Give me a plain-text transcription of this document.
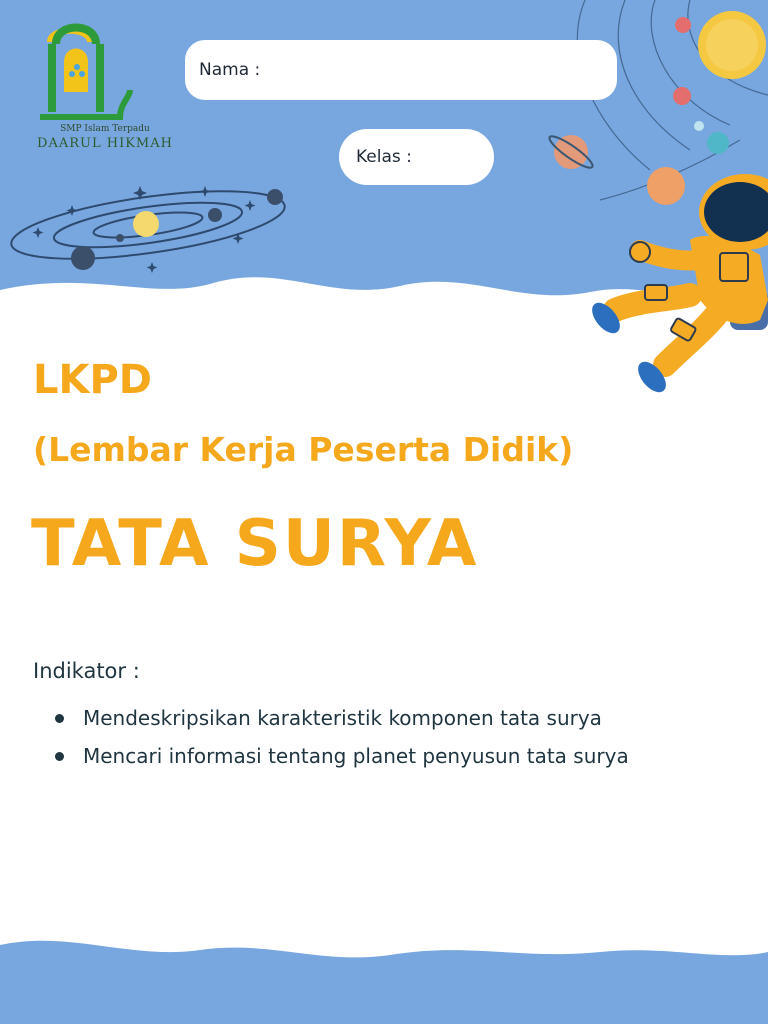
SMP Islam Terpadu
DAARUL HIKMAH
Nama :
Kelas :
LKPD
(Lembar Kerja Peserta Didik)
TATA SURYA
Indikator :
Mendeskripsikan karakteristik komponen tata surya
Mencari informasi tentang planet penyusun tata surya
